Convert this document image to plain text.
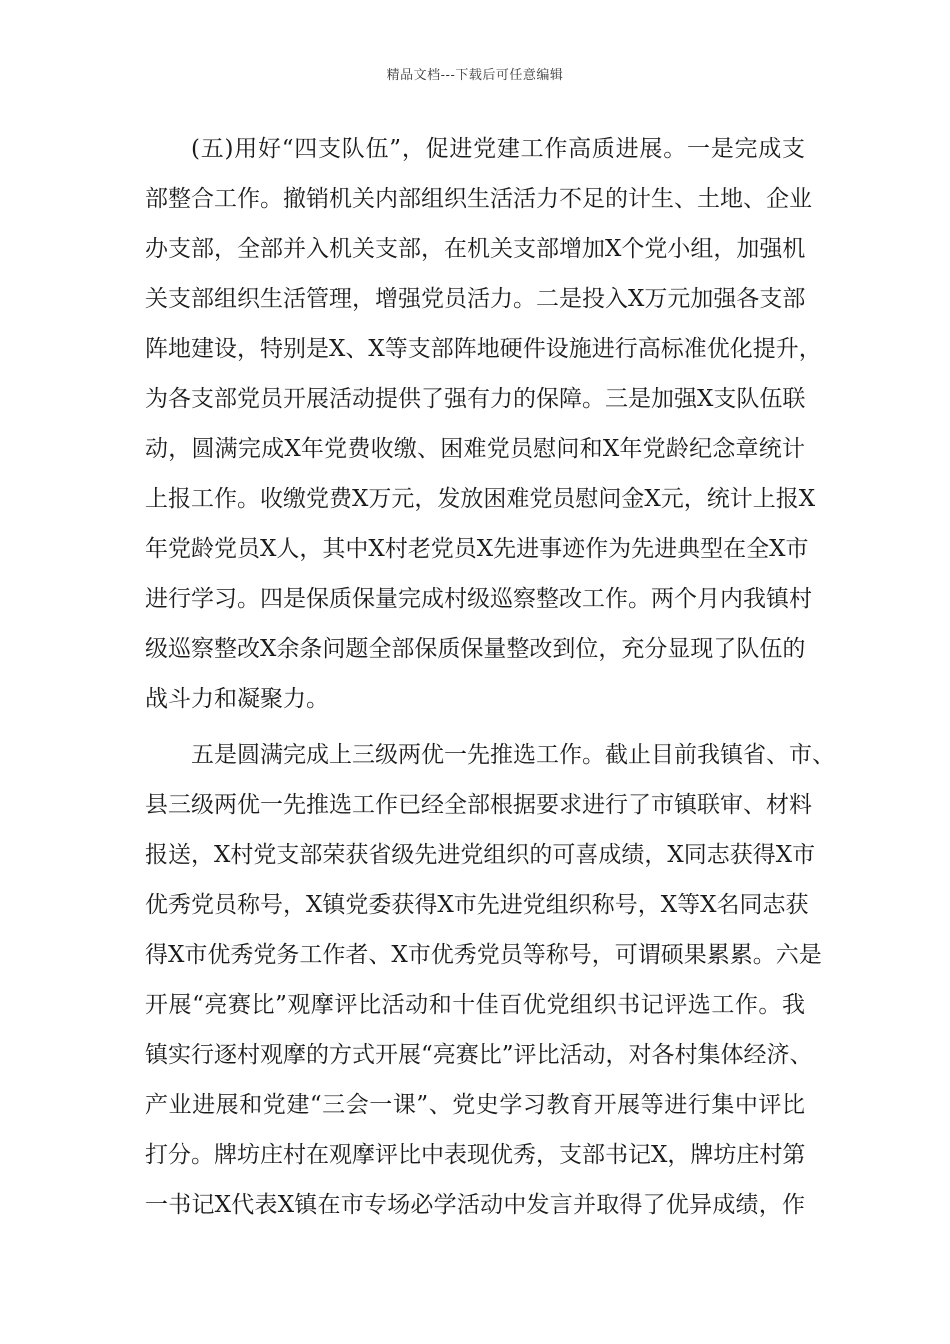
精品文档---下载后可任意编辑
(五)用好“四支队伍”，促进党建工作高质进展。一是完成支
部整合工作。撤销机关内部组织生活活力不足的计生、土地、企业
办支部，全部并入机关支部，在机关支部增加X个党小组，加强机
关支部组织生活管理，增强党员活力。二是投入X万元加强各支部
阵地建设，特别是X、X等支部阵地硬件设施进行高标准优化提升，
为各支部党员开展活动提供了强有力的保障。三是加强X支队伍联
动，圆满完成X年党费收缴、困难党员慰问和X年党龄纪念章统计
上报工作。收缴党费X万元，发放困难党员慰问金X元，统计上报X
年党龄党员X人，其中X村老党员X先进事迹作为先进典型在全X市
进行学习。四是保质保量完成村级巡察整改工作。两个月内我镇村
级巡察整改X余条问题全部保质保量整改到位，充分显现了队伍的
战斗力和凝聚力。
五是圆满完成上三级两优一先推选工作。截止目前我镇省、市、
县三级两优一先推选工作已经全部根据要求进行了市镇联审、材料
报送，X村党支部荣获省级先进党组织的可喜成绩，X同志获得X市
优秀党员称号，X镇党委获得X市先进党组织称号，X等X名同志获
得X市优秀党务工作者、X市优秀党员等称号，可谓硕果累累。六是
开展“亮赛比”观摩评比活动和十佳百优党组织书记评选工作。我
镇实行逐村观摩的方式开展“亮赛比”评比活动，对各村集体经济、
产业进展和党建“三会一课”、党史学习教育开展等进行集中评比
打分。牌坊庄村在观摩评比中表现优秀，支部书记X，牌坊庄村第
一书记X代表X镇在市专场必学活动中发言并取得了优异成绩，作
